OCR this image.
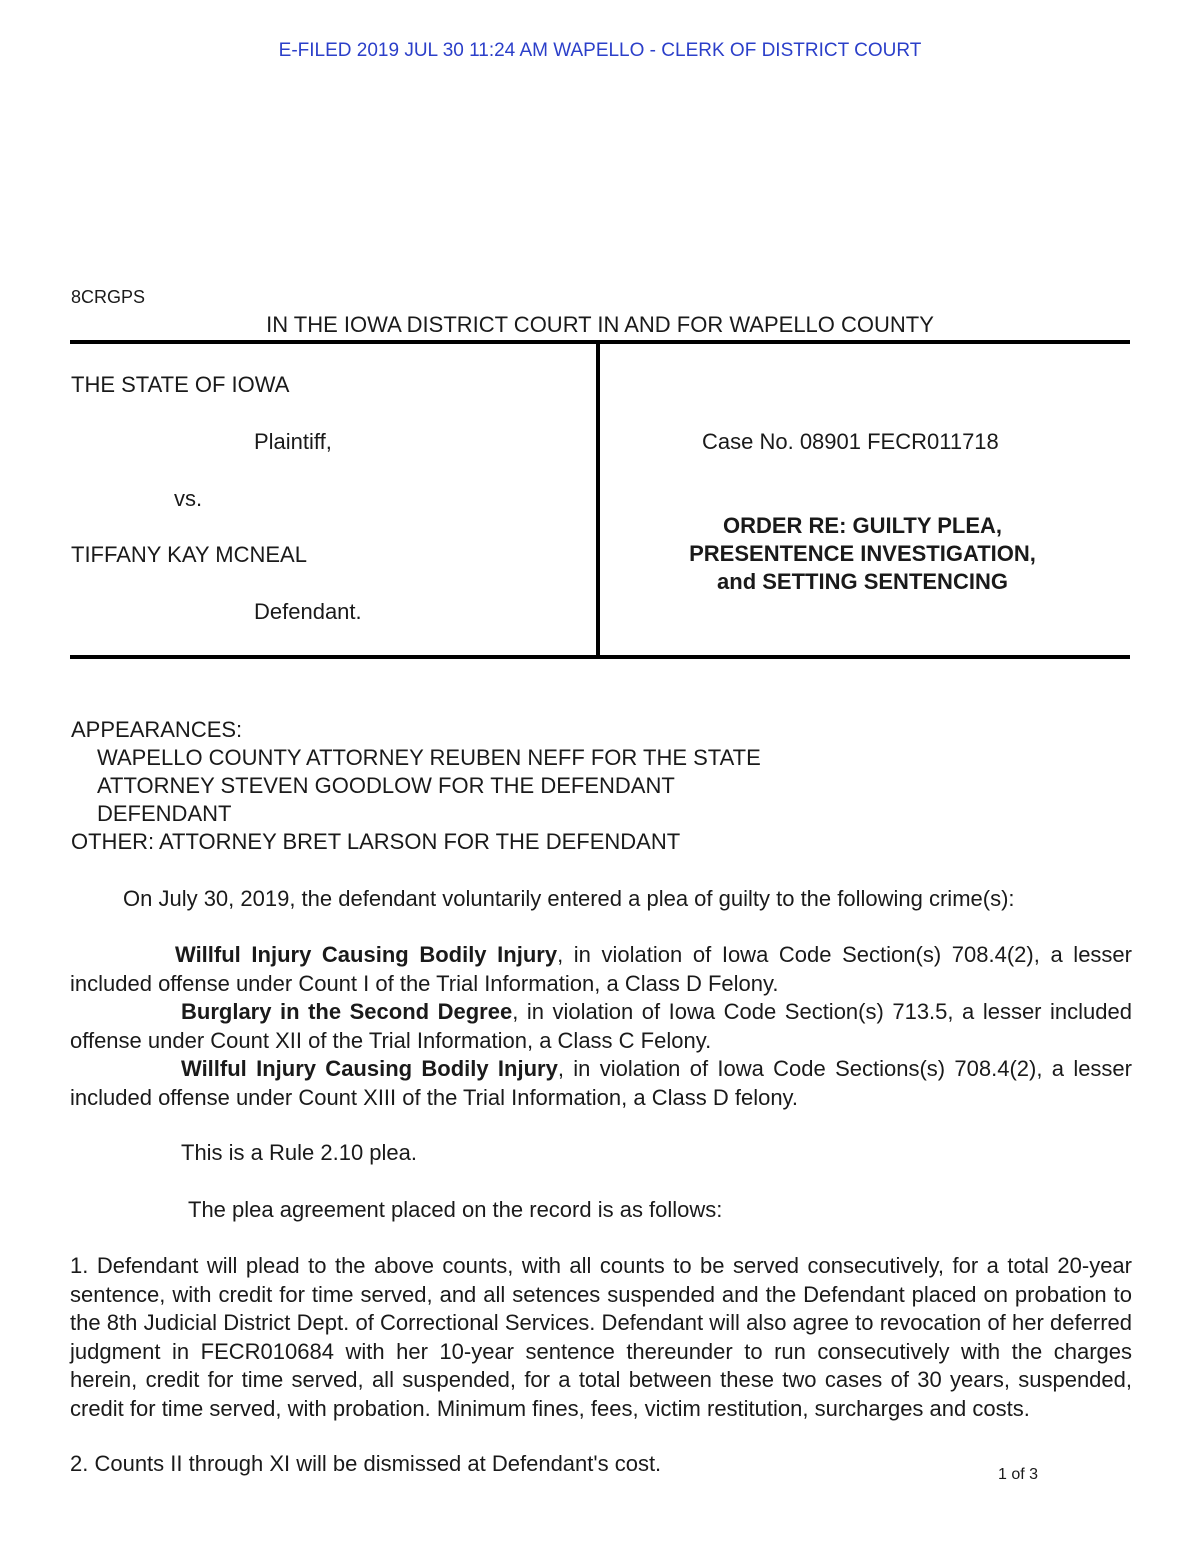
E-FILED 2019 JUL 30 11:24 AM WAPELLO - CLERK OF DISTRICT COURT
8CRGPS
IN THE IOWA DISTRICT COURT IN AND FOR WAPELLO COUNTY
THE STATE OF IOWA
Plaintiff,
vs.
TIFFANY KAY MCNEAL
Defendant.
Case No. 08901 FECR011718
ORDER RE: GUILTY PLEA,
PRESENTENCE INVESTIGATION,
and SETTING SENTENCING
APPEARANCES:
WAPELLO COUNTY ATTORNEY REUBEN NEFF FOR THE STATE
ATTORNEY STEVEN GOODLOW FOR THE DEFENDANT
DEFENDANT
OTHER: ATTORNEY BRET LARSON FOR THE DEFENDANT
On July 30, 2019, the defendant voluntarily entered a plea of guilty to the following crime(s):
Willful Injury Causing Bodily Injury, in violation of Iowa Code Section(s) 708.4(2), a lesser included offense under Count I of the Trial Information, a Class D Felony.
Burglary in the Second Degree, in violation of Iowa Code Section(s) 713.5, a lesser included offense under Count XII of the Trial Information, a Class C Felony.
Willful Injury Causing Bodily Injury, in violation of Iowa Code Sections(s) 708.4(2), a lesser included offense under Count XIII of the Trial Information, a Class D felony.
This is a Rule 2.10 plea.
The plea agreement placed on the record is as follows:
1. Defendant will plead to the above counts, with all counts to be served consecutively, for a total 20-year sentence, with credit for time served, and all setences suspended and the Defendant placed on probation to the 8th Judicial District Dept. of Correctional Services. Defendant will also agree to revocation of her deferred judgment in FECR010684 with her 10-year sentence thereunder to run consecutively with the charges herein, credit for time served, all suspended, for a total between these two cases of 30 years, suspended, credit for time served, with probation. Minimum fines, fees, victim restitution, surcharges and costs.
2. Counts II through XI will be dismissed at Defendant's cost.	1 of 3
